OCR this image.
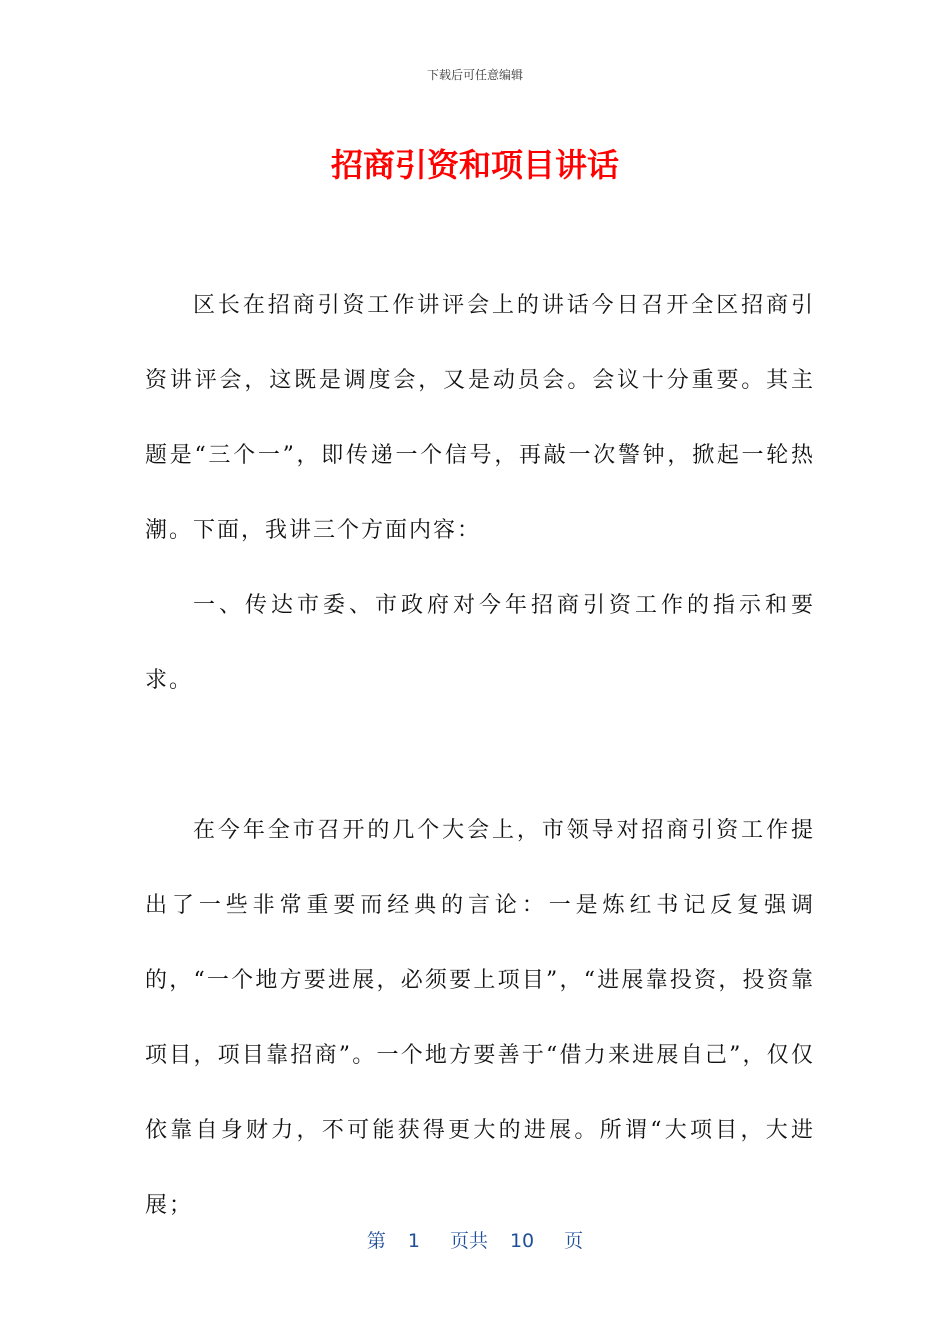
下载后可任意编辑
招商引资和项目讲话

区长在招商引资工作讲评会上的讲话今日召开全区招商引资讲评会，这既是调度会，又是动员会。会议十分重要。其主题是“三个一”，即传递一个信号，再敲一次警钟，掀起一轮热潮。下面，我讲三个方面内容：

一、传达市委、市政府对今年招商引资工作的指示和要求。

在今年全市召开的几个大会上，市领导对招商引资工作提出了一些非常重要而经典的言论：一是炼红书记反复强调的，“一个地方要进展，必须要上项目”，“进展靠投资，投资靠项目，项目靠招商”。一个地方要善于“借力来进展自己”，仅仅依靠自身财力，不可能获得更大的进展。所谓“大项目，大进展；

第 1 页共 10 页
